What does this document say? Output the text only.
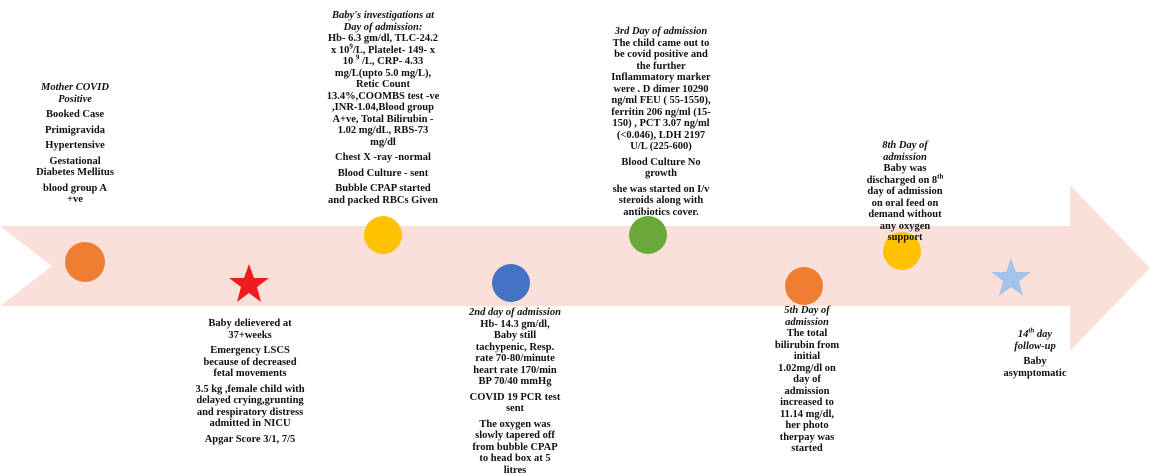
Mother COVID
Positive
Booked Case
Primigravida
Hypertensive
Gestational
Diabetes Mellitus
blood group A
+ve
Baby's investigations at
Day of admission:
Hb- 6.3 gm/dl, TLC-24.2
x $10^9/L$, Platelet- 149- x
10 $^9$ /L, CRP- 4.33
mg/L(upto 5.0 mg/L),
Retic Count
13.4%,COOMBS test -ve
,INR-1.04,Blood group
A+ve, Total Bilirubin -
1.02 mg/dL, RBS-73
mg/dl
Chest X -ray -normal
Blood Culture - sent
Bubble CPAP started
and packed RBCs Given
3rd Day of admission
The child came out to
be covid positive and
the further
Inflammatory marker
were . D dimer 10290
ng/ml FEU ( 55-1550),
ferritin 206 ng/ml (15-
150) , PCT 3.07 ng/ml
(<0.046), LDH 2197
U/L (225-600)
Blood Culture No
growth
she was started on I/v
steroids along with
antibiotics cover.
8th Day of
admission
Baby was
discharged on 8th
day of admission
on oral feed on
demand without
any oxygen
support
Baby delievered at
37+weeks
Emergency LSCS
because of decreased
fetal movements
3.5 kg ,female child with
delayed crying,grunting
and respiratory distress
admitted in NICU
Apgar Score 3/1, 7/5
2nd day of admission
Hb- 14.3 gm/dl,
Baby still
tachypenic, Resp.
rate 70-80/minute
heart rate 170/min
BP 70/40 mmHg
COVID 19 PCR test
sent
The oxygen was
slowly tapered off
from bubble CPAP
to head box at 5
litres
5th Day of
admission
The total
bilirubin from
initial
1.02mg/dl on
day of
admission
increased to
11.14 mg/dl,
her photo
therpay was
started
14th day
follow-up
Baby
asymptomatic
